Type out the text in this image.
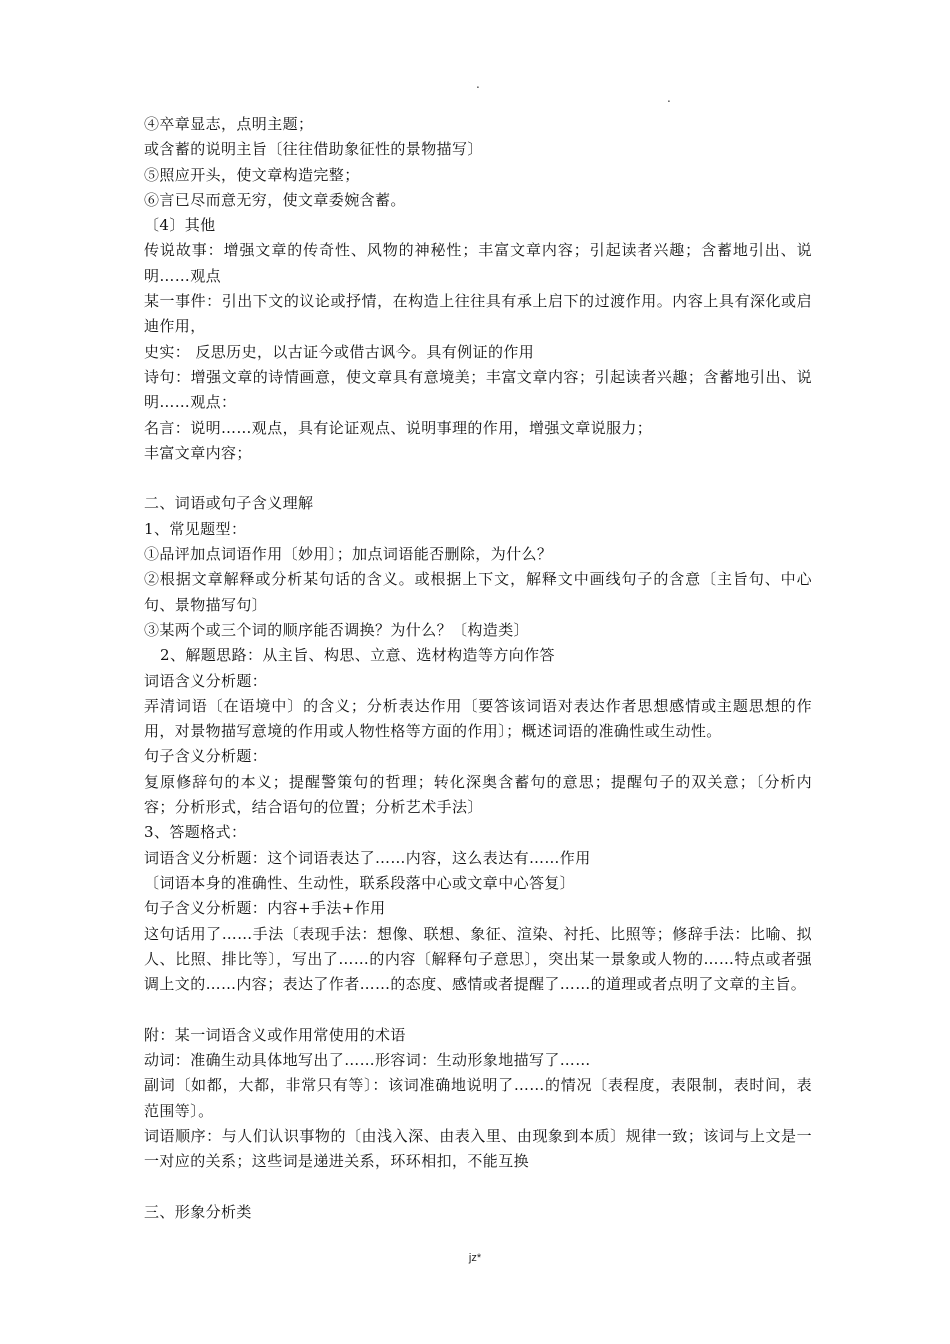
.
.
④卒章显志，点明主题；
或含蓄的说明主旨〔往往借助象征性的景物描写〕
⑤照应开头，使文章构造完整；
⑥言已尽而意无穷，使文章委婉含蓄。
〔4〕其他
传说故事：增强文章的传奇性、风物的神秘性；丰富文章内容；引起读者兴趣；含蓄地引出、说明……观点
某一事件：引出下文的议论或抒情，在构造上往往具有承上启下的过渡作用。内容上具有深化或启迪作用，
史实： 反思历史，以古证今或借古讽今。具有例证的作用
诗句：增强文章的诗情画意，使文章具有意境美；丰富文章内容；引起读者兴趣；含蓄地引出、说明……观点：
名言：说明……观点，具有论证观点、说明事理的作用，增强文章说服力；
丰富文章内容；
二、词语或句子含义理解
1、常见题型：
①品评加点词语作用〔妙用〕；加点词语能否删除，为什么？
②根据文章解释或分析某句话的含义。或根据上下文，解释文中画线句子的含意〔主旨句、中心句、景物描写句〕
③某两个或三个词的顺序能否调换？为什么？〔构造类〕
2、解题思路：从主旨、构思、立意、选材构造等方向作答
词语含义分析题：
弄清词语〔在语境中〕的含义；分析表达作用〔要答该词语对表达作者思想感情或主题思想的作用，对景物描写意境的作用或人物性格等方面的作用〕；概述词语的准确性或生动性。
句子含义分析题：
复原修辞句的本义；提醒警策句的哲理；转化深奥含蓄句的意思；提醒句子的双关意；〔分析内容；分析形式，结合语句的位置；分析艺术手法〕
3、答题格式：
词语含义分析题：这个词语表达了……内容，这么表达有……作用
〔词语本身的准确性、生动性，联系段落中心或文章中心答复〕
句子含义分析题：内容+手法+作用
这句话用了……手法〔表现手法：想像、联想、象征、渲染、衬托、比照等；修辞手法：比喻、拟人、比照、排比等〕，写出了……的内容〔解释句子意思〕，突出某一景象或人物的……特点或者强调上文的……内容；表达了作者……的态度、感情或者提醒了……的道理或者点明了文章的主旨。
附：某一词语含义或作用常使用的术语
动词：准确生动具体地写出了……形容词：生动形象地描写了……
副词〔如都，大都，非常只有等〕：该词准确地说明了……的情况〔表程度，表限制，表时间，表范围等〕。
词语顺序：与人们认识事物的〔由浅入深、由表入里、由现象到本质〕规律一致；该词与上文是一一对应的关系；这些词是递进关系，环环相扣，不能互换
三、形象分析类
jz*
